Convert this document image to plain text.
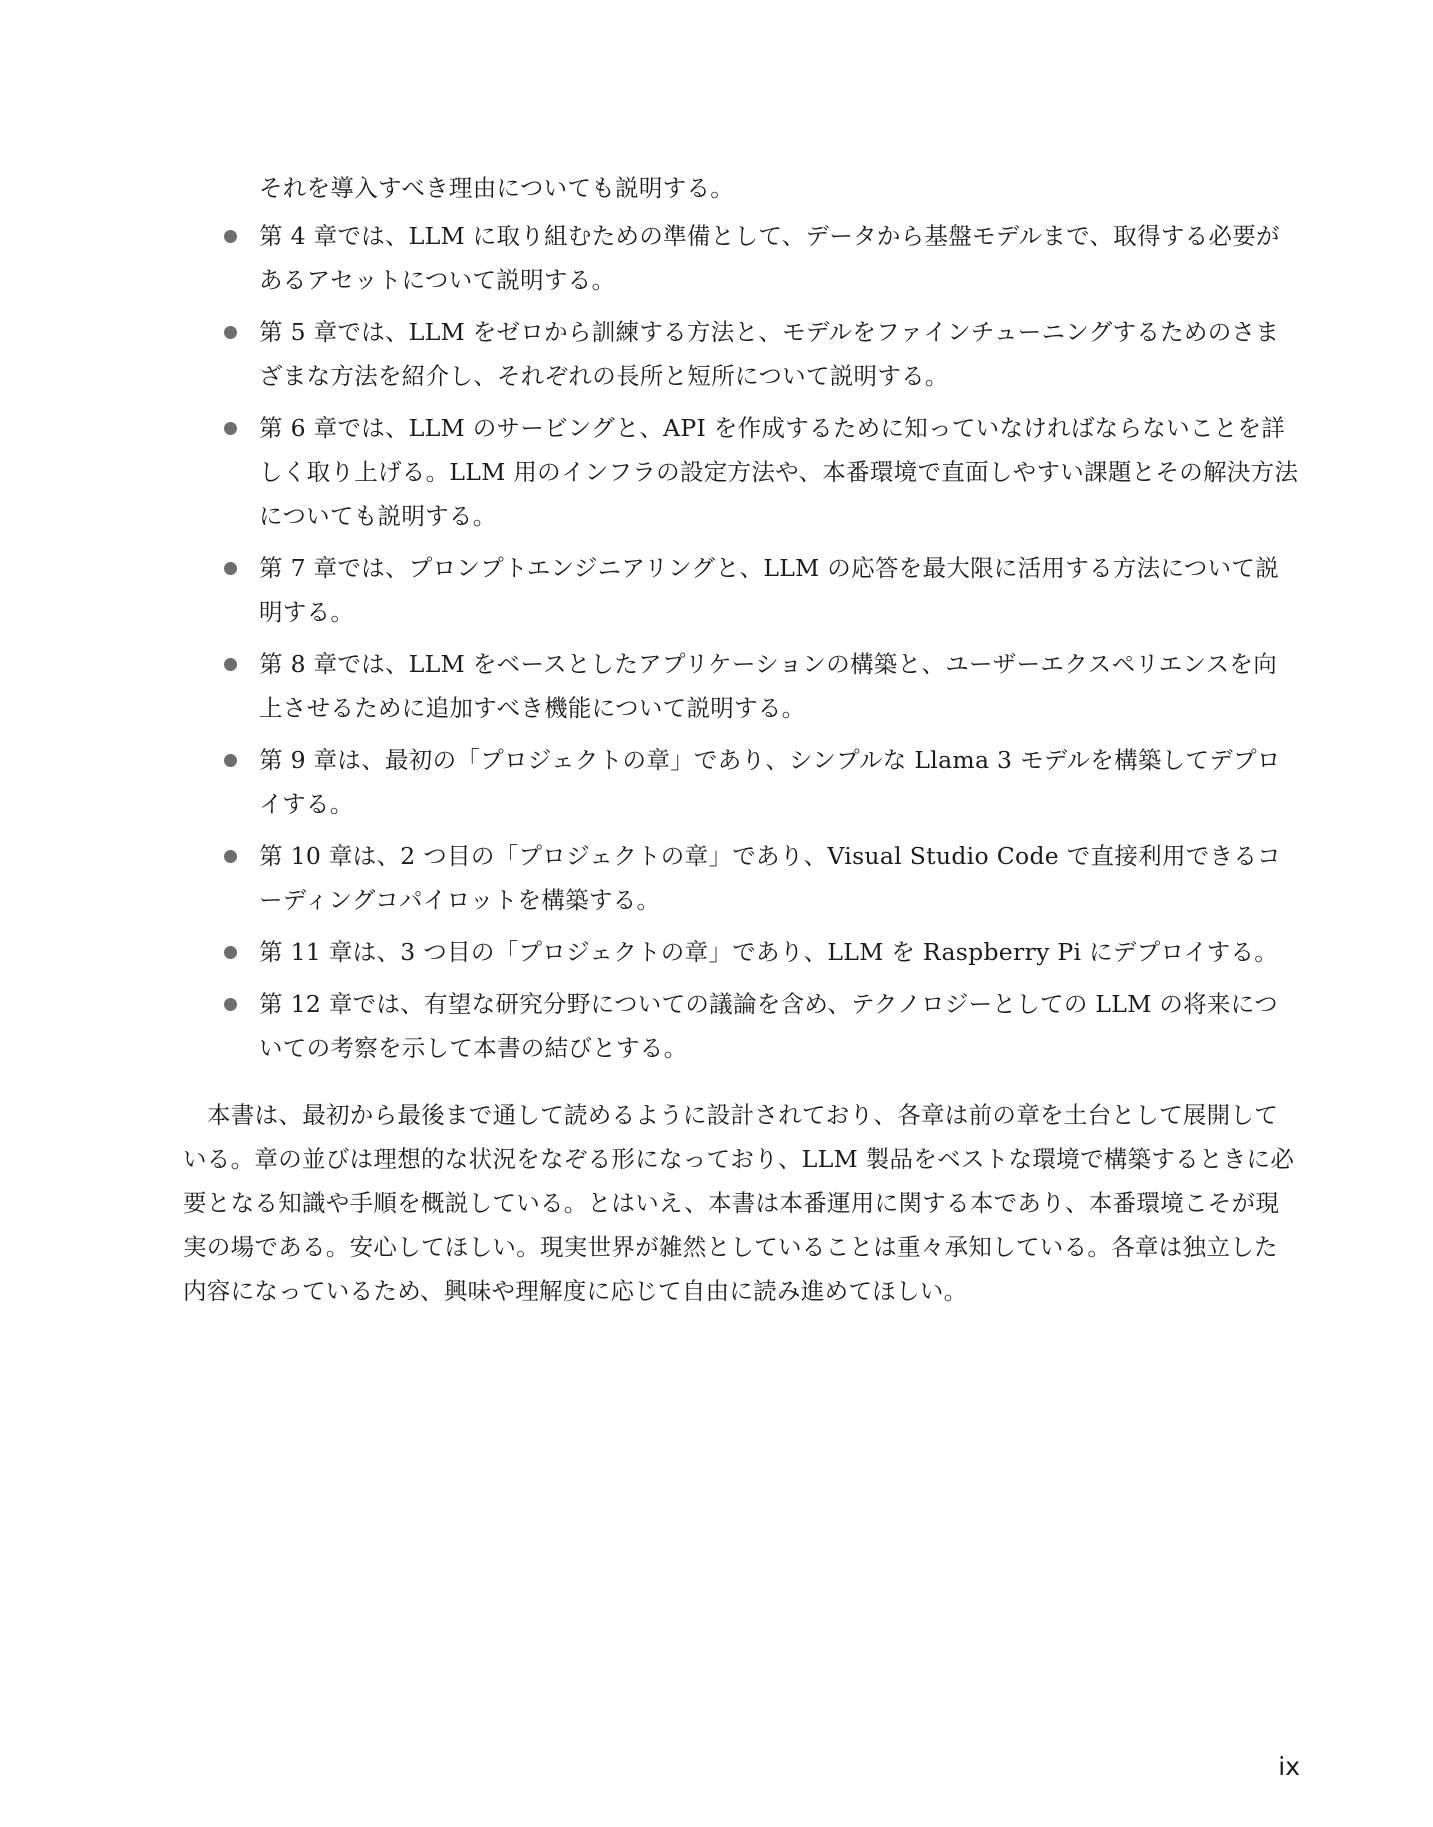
それを導入すべき理由についても説明する。

第 4 章では、LLM に取り組むための準備として、データから基盤モデルまで、取得する必要があるアセットについて説明する。
第 5 章では、LLM をゼロから訓練する方法と、モデルをファインチューニングするためのさまざまな方法を紹介し、それぞれの長所と短所について説明する。
第 6 章では、LLM のサービングと、API を作成するために知っていなければならないことを詳しく取り上げる。LLM 用のインフラの設定方法や、本番環境で直面しやすい課題とその解決方法についても説明する。
第 7 章では、プロンプトエンジニアリングと、LLM の応答を最大限に活用する方法について説明する。
第 8 章では、LLM をベースとしたアプリケーションの構築と、ユーザーエクスペリエンスを向上させるために追加すべき機能について説明する。
第 9 章は、最初の「プロジェクトの章」であり、シンプルな Llama 3 モデルを構築してデプロイする。
第 10 章は、2 つ目の「プロジェクトの章」であり、Visual Studio Code で直接利用できるコーディングコパイロットを構築する。
第 11 章は、3 つ目の「プロジェクトの章」であり、LLM を Raspberry Pi にデプロイする。
第 12 章では、有望な研究分野についての議論を含め、テクノロジーとしての LLM の将来についての考察を示して本書の結びとする。

本書は、最初から最後まで通して読めるように設計されており、各章は前の章を土台として展開している。章の並びは理想的な状況をなぞる形になっており、LLM 製品をベストな環境で構築するときに必要となる知識や手順を概説している。とはいえ、本書は本番運用に関する本であり、本番環境こそが現実の場である。安心してほしい。現実世界が雑然としていることは重々承知している。各章は独立した内容になっているため、興味や理解度に応じて自由に読み進めてほしい。

ix
